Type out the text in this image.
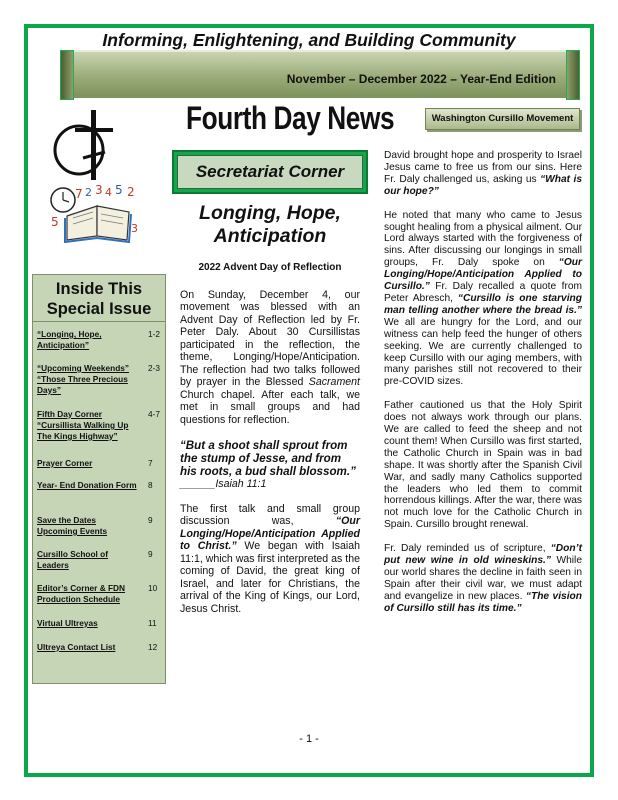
Informing, Enlightening, and Building Community
November – December 2022 – Year-End Edition
7 2 3 4 5 2
5	3
Fourth Day News	Washington Cursillo Movement
Inside This
Special Issue
“Longing, Hope, Anticipation”
1-2
“Upcoming Weekends” “Those Three Precious Days”
2-3
Fifth Day Corner “Cursillista Walking Up The Kings Highway”
4-7
Prayer Corner	7
Year- End Donation Form 8
Save the Dates Upcoming Events
9
Cursillo School of Leaders
9
Editor’s Corner & FDN Production Schedule
10
Virtual Ultreyas	11
Ultreya Contact List	12
Secretariat Corner
Longing, Hope,
Anticipation
2022 Advent Day of Reflection

On Sunday, December 4, our movement was blessed with an Advent Day of Reflection led by Fr. Peter Daly. About 30 Cursillistas participated in the reflection, the theme, Longing/Hope/Anticipation. The reflection had two talks followed by prayer in the Blessed Sacrament Church chapel. After each talk, we met in small groups and had questions for reflection.

“But a shoot shall sprout from the stump of Jesse, and from his roots, a bud shall blossom.”

______Isaiah 11:1

The first talk and small group discussion was, “Our Longing/Hope/Anticipation Applied to Christ.” We began with Isaiah 11:1, which was first interpreted as the coming of David, the great king of Israel, and later for Christians, the arrival of the King of Kings, our Lord, Jesus Christ.

David brought hope and prosperity to Israel Jesus came to free us from our sins. Here Fr. Daly challenged us, asking us “What is our hope?”

He noted that many who came to Jesus sought healing from a physical ailment. Our Lord always started with the forgiveness of sins. After discussing our longings in small groups, Fr. Daly spoke on “Our Longing/Hope/Anticipation Applied to Cursillo.” Fr. Daly recalled a quote from Peter Abresch, “Cursillo is one starving man telling another where the bread is.” We all are hungry for the Lord, and our witness can help feed the hunger of others seeking. We are currently challenged to keep Cursillo with our aging members, with many parishes still not recovered to their pre-COVID sizes.

Father cautioned us that the Holy Spirit does not always work through our plans. We are called to feed the sheep and not count them! When Cursillo was first started, the Catholic Church in Spain was in bad shape. It was shortly after the Spanish Civil War, and sadly many Catholics supported the leaders who led them to commit horrendous killings. After the war, there was not much love for the Catholic Church in Spain. Cursillo brought renewal.

Fr. Daly reminded us of scripture, “Don’t put new wine in old wineskins.” While our world shares the decline in faith seen in Spain after their civil war, we must adapt and evangelize in new places. “The vision of Cursillo still has its time.”

- 1 -
